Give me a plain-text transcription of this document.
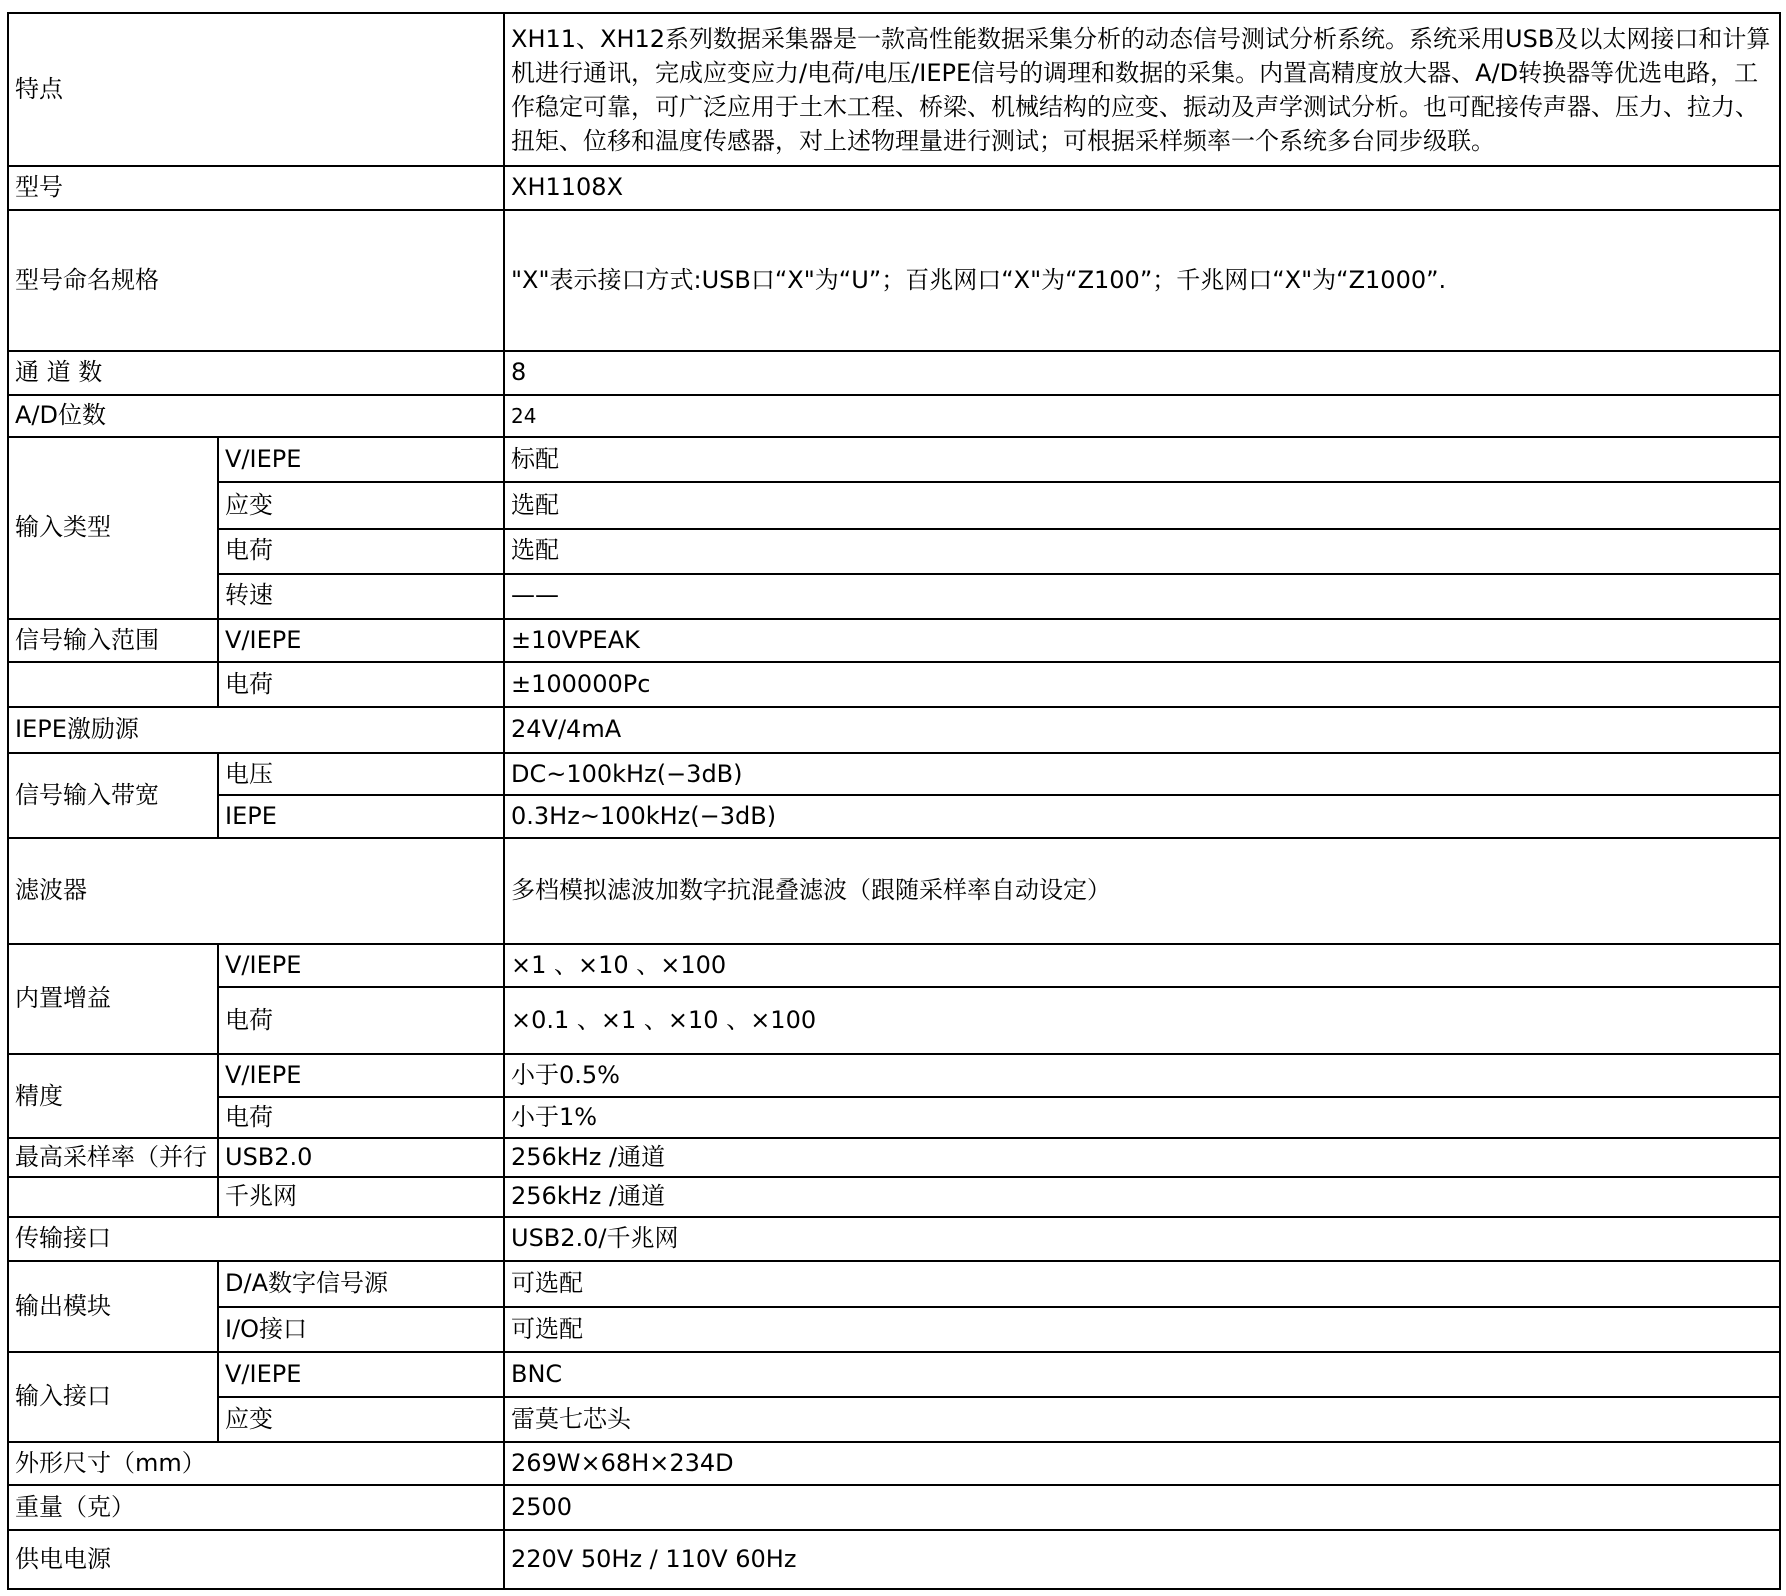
特点		XH11、XH12系列数据采集器是一款高性能数据采集分析的动态信号测试分析系统。系统采用USB及以太网接口和计算机进行通讯，完成应变应力/电荷/电压/IEPE信号的调理和数据的采集。内置高精度放大器、A/D转换器等优选电路，工作稳定可靠，可广泛应用于土木工程、桥梁、机械结构的应变、振动及声学测试分析。也可配接传声器、压力、拉力、扭矩、位移和温度传感器，对上述物理量进行测试；可根据采样频率一个系统多台同步级联。
型号		XH1108X
型号命名规格		"X"表示接口方式:USB口“X"为“U”；百兆网口“X"为“Z100”；千兆网口“X"为“Z1000”.
通 道 数		8
A/D位数		24
输入类型	V/IEPE	标配
	应变	选配
	电荷	选配
	转速	——
信号输入范围	V/IEPE	±10VPEAK
	电荷	±100000Pc
IEPE激励源		24V/4mA
信号输入带宽	电压	DC~100kHz(−3dB)
	IEPE	0.3Hz~100kHz(−3dB)
滤波器		多档模拟滤波加数字抗混叠滤波（跟随采样率自动设定）
内置增益	V/IEPE	×1 、×10 、×100
	电荷	×0.1 、×1 、×10 、×100
精度	V/IEPE	小于0.5%
	电荷	小于1%
最高采样率（并行	USB2.0	256kHz /通道
	千兆网	256kHz /通道
传输接口		USB2.0/千兆网
输出模块	D/A数字信号源	可选配
	I/O接口	可选配
输入接口	V/IEPE	BNC
	应变	雷莫七芯头
外形尺寸（mm）		269W×68H×234D
重量（克）		2500
供电电源		220V 50Hz / 110V 60Hz
